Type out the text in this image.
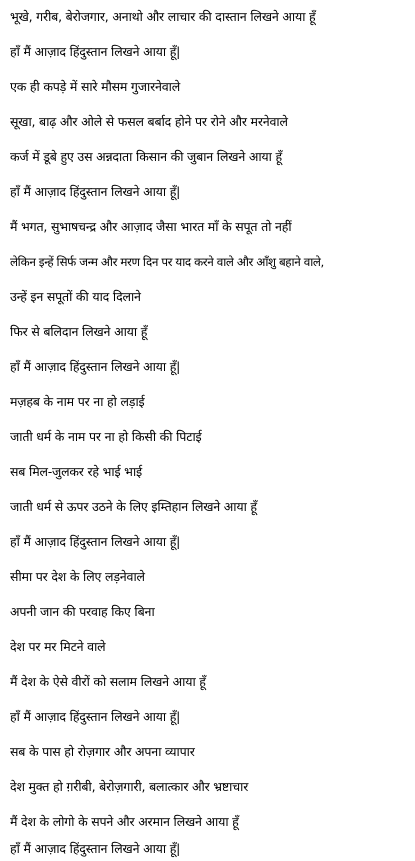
भूखे, गरीब, बेरोजगार, अनाथो और लाचार की दास्तान लिखने आया हूँ
हाँ मैं आज़ाद हिंदुस्तान लिखने आया हूँ|
एक ही कपड़े में सारे मौसम गुजारनेवाले
सूखा, बाढ़ और ओले से फसल बर्बाद होने पर रोने और मरनेवाले
कर्ज में डूबे हुए उस अन्नदाता किसान की जुबान लिखने आया हूँ
हाँ मैं आज़ाद हिंदुस्तान लिखने आया हूँ|
मैं भगत, सुभाषचन्द्र और आज़ाद जैसा भारत माँ के सपूत तो नहीं
लेकिन इन्हें सिर्फ जन्म और मरण दिन पर याद करने वाले और आँशु बहाने वाले,
उन्हें इन सपूतों की याद दिलाने
फिर से बलिदान लिखने आया हूँ
हाँ मैं आज़ाद हिंदुस्तान लिखने आया हूँ|
मज़हब के नाम पर ना हो लड़ाई
जाती धर्म के नाम पर ना हो किसी की पिटाई
सब मिल-जुलकर रहे भाई भाई
जाती धर्म से ऊपर उठने के लिए इम्तिहान लिखने आया हूँ
हाँ मैं आज़ाद हिंदुस्तान लिखने आया हूँ|
सीमा पर देश के लिए लड़नेवाले
अपनी जान की परवाह किए बिना
देश पर मर मिटने वाले
मैं देश के ऐसे वीरों को सलाम लिखने आया हूँ
हाँ मैं आज़ाद हिंदुस्तान लिखने आया हूँ|
सब के पास हो रोज़गार और अपना व्यापार
देश मुक्त हो ग़रीबी, बेरोज़गारी, बलात्कार और भ्रष्टाचार
मैं देश के लोगो के सपने और अरमान लिखने आया हूँ
हाँ मैं आज़ाद हिंदुस्तान लिखने आया हूँ|
